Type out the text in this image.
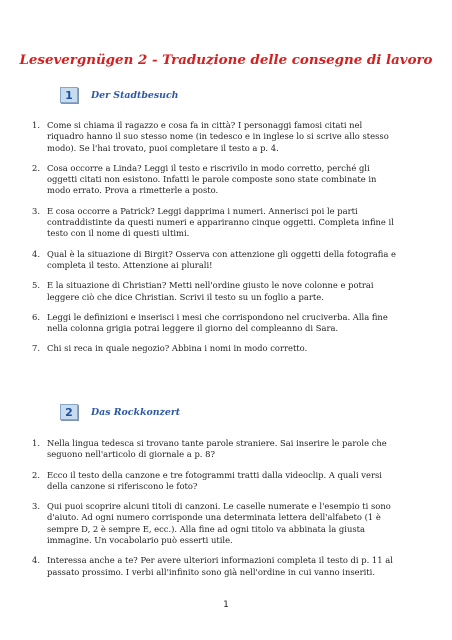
Lesevergnügen 2 - Traduzione delle consegne di lavoro
1	Der Stadtbesuch
1. Come si chiama il ragazzo e cosa fa in città? I personaggi famosi citati nel riquadro hanno il suo stesso nome (in tedesco e in inglese lo si scrive allo stesso modo). Se l'hai trovato, puoi completare il testo a p. 4.
2. Cosa occorre a Linda? Leggi il testo e riscrivilo in modo corretto, perché gli oggetti citati non esistono. Infatti le parole composte sono state combinate in modo errato. Prova a rimetterle a posto.
3. E cosa occorre a Patrick? Leggi dapprima i numeri. Annerisci poi le parti contraddistinte da questi numeri e appariranno cinque oggetti. Completa infine il testo con il nome di questi ultimi.
4. Qual è la situazione di Birgit? Osserva con attenzione gli oggetti della fotografia e completa il testo. Attenzione ai plurali!
5. E la situazione di Christian? Metti nell'ordine giusto le nove colonne e potrai leggere ciò che dice Christian. Scrivi il testo su un foglio a parte.
6. Leggi le definizioni e inserisci i mesi che corrispondono nel cruciverba. Alla fine nella colonna grigia potrai leggere il giorno del compleanno di Sara.
7. Chi si reca in quale negozio? Abbina i nomi in modo corretto.
2	Das Rockkonzert
1. Nella lingua tedesca si trovano tante parole straniere. Sai inserire le parole che seguono nell'articolo di giornale a p. 8?
2. Ecco il testo della canzone e tre fotogrammi tratti dalla videoclip. A quali versi della canzone si riferiscono le foto?
3. Qui puoi scoprire alcuni titoli di canzoni. Le caselle numerate e l'esempio ti sono d'aiuto. Ad ogni numero corrisponde una determinata lettera dell'alfabeto (1 è sempre D, 2 è sempre E, ecc.). Alla fine ad ogni titolo va abbinata la giusta immagine. Un vocabolario può esserti utile.
4. Interessa anche a te? Per avere ulteriori informazioni completa il testo di p. 11 al passato prossimo. I verbi all'infinito sono già nell'ordine in cui vanno inseriti.
1
